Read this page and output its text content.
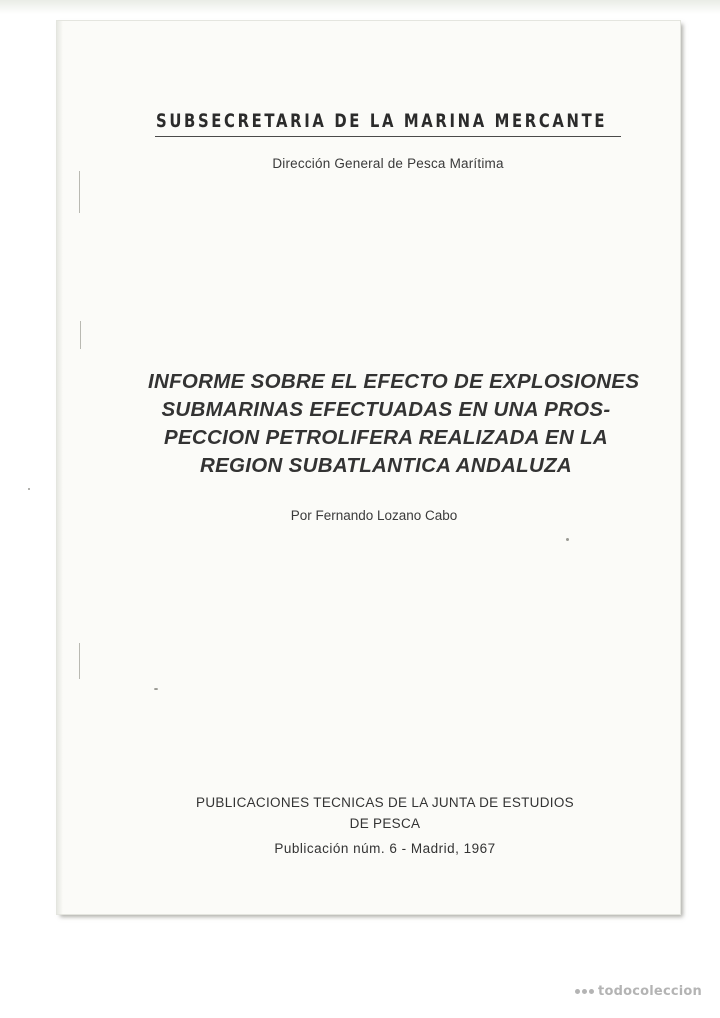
SUBSECRETARIA DE LA MARINA MERCANTE
Dirección General de Pesca Marítima
INFORME SOBRE EL EFECTO DE EXPLOSIONES
SUBMARINAS EFECTUADAS EN UNA PROS-
PECCION PETROLIFERA REALIZADA EN LA
REGION SUBATLANTICA ANDALUZA
Por Fernando Lozano Cabo
PUBLICACIONES TECNICAS DE LA JUNTA DE ESTUDIOS
DE PESCA
Publicación núm. 6 - Madrid, 1967
todocoleccion
